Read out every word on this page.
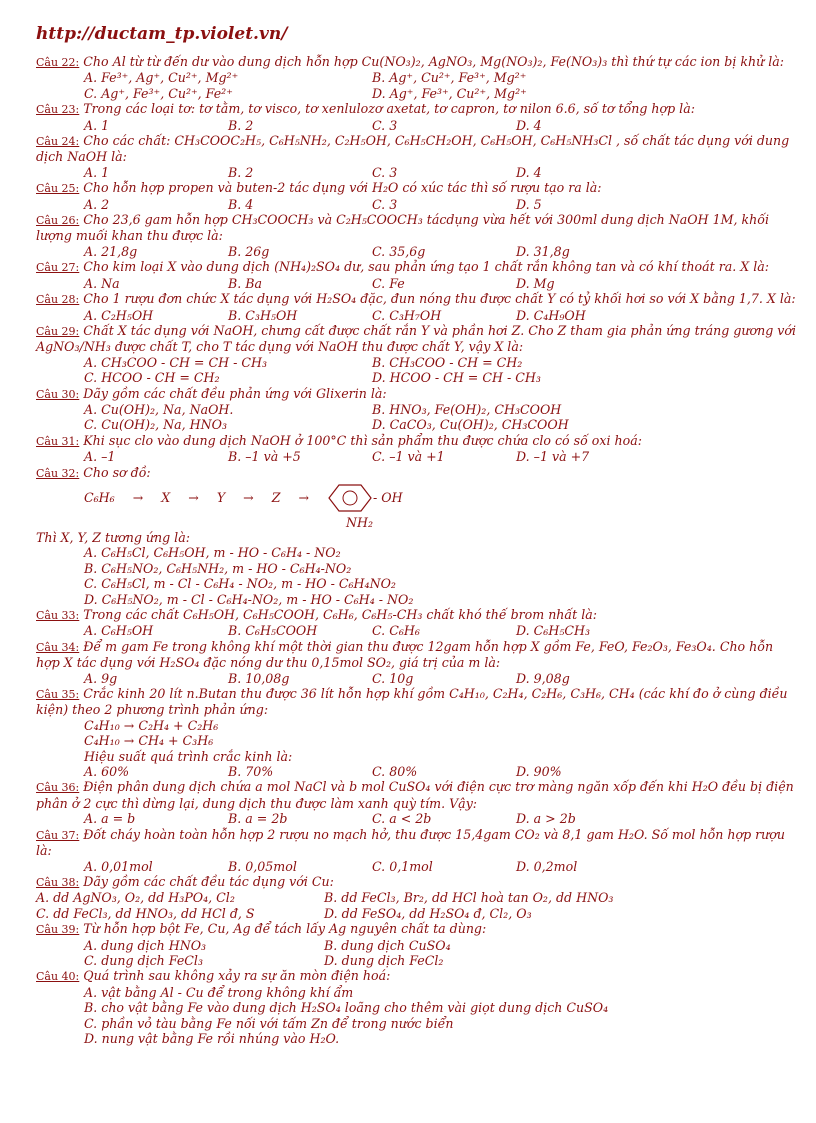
http://ductam_tp.violet.vn/
Câu 22: Cho Al từ từ đến dư vào dung dịch hỗn hợp Cu(NO₃)₂, AgNO₃, Mg(NO₃)₂, Fe(NO₃)₃ thì thứ tự các ion bị khử là:
A. Fe³⁺, Ag⁺, Cu²⁺, Mg²⁺	B. Ag⁺, Cu²⁺, Fe³⁺, Mg²⁺
C. Ag⁺, Fe³⁺, Cu²⁺, Fe²⁺	D. Ag⁺, Fe³⁺, Cu²⁺, Mg²⁺
Câu 23: Trong các loại tơ: tơ tằm, tơ visco, tơ xenlulozơ axetat, tơ capron, tơ nilon 6.6, số tơ tổng hợp là:
A. 1	B. 2	C. 3	D. 4
Câu 24: Cho các chất: CH₃COOC₂H₅, C₆H₅NH₂, C₂H₅OH, C₆H₅CH₂OH, C₆H₅OH, C₆H₅NH₃Cl , số chất tác dụng với dung dịch NaOH là:
A. 1	B. 2	C. 3	D. 4
Câu 25: Cho hỗn hợp propen và buten-2 tác dụng với H₂O có xúc tác thì số rượu tạo ra là:
A. 2	B. 4	C. 3	D. 5
Câu 26: Cho 23,6 gam hỗn hợp CH₃COOCH₃ và C₂H₅COOCH₃ tácdụng vừa hết với 300ml dung dịch NaOH 1M, khối lượng muối khan thu được là:
A. 21,8g	B. 26g	C. 35,6g	D. 31,8g
Câu 27: Cho kim loại X vào dung dịch (NH₄)₂SO₄ dư, sau phản ứng tạo 1 chất rắn không tan và có khí thoát ra. X là:
A. Na	B. Ba	C. Fe	D. Mg
Câu 28: Cho 1 rượu đơn chức X tác dụng với H₂SO₄ đặc, đun nóng thu được chất Y có tỷ khối hơi so với X bằng 1,7. X là:
A. C₂H₅OH	B. C₃H₅OH	C. C₃H₇OH	D. C₄H₉OH
Câu 29: Chất X tác dụng với NaOH, chưng cất được chất rắn Y và phần hơi Z. Cho Z tham gia phản ứng tráng gương với AgNO₃/NH₃ được chất T, cho T tác dụng với NaOH thu được chất Y, vậy X là:
A. CH₃COO - CH = CH - CH₃	B. CH₃COO - CH = CH₂
C. HCOO - CH = CH₂	D. HCOO - CH = CH - CH₃
Câu 30: Dãy gồm các chất đều phản ứng với Glixerin là:
A. Cu(OH)₂, Na, NaOH.	B. HNO₃, Fe(OH)₂, CH₃COOH
C. Cu(OH)₂, Na, HNO₃	D. CaCO₃, Cu(OH)₂, CH₃COOH
Câu 31: Khi sục clo vào dung dịch NaOH ở 100°C thì sản phẩm thu được chứa clo có số oxi hoá:
A. –1	B. –1 và +5	C. –1 và +1	D. –1 và +7
Câu 32: Cho sơ đồ:
C₆H₆ → X → Y → Z →	- OH
NH₂
Thì X, Y, Z tương ứng là:
A. C₆H₅Cl, C₆H₅OH, m - HO - C₆H₄ - NO₂
B. C₆H₅NO₂, C₆H₅NH₂, m - HO - C₆H₄-NO₂
C. C₆H₅Cl, m - Cl - C₆H₄ - NO₂, m - HO - C₆H₄NO₂
D. C₆H₅NO₂, m - Cl - C₆H₄-NO₂, m - HO - C₆H₄ - NO₂
Câu 33: Trong các chất C₆H₅OH, C₆H₅COOH, C₆H₆, C₆H₅-CH₃ chất khó thế brom nhất là:
A. C₆H₅OH	B. C₆H₅COOH	C. C₆H₆	D. C₆H₅CH₃
Câu 34: Để m gam Fe trong không khí một thời gian thu được 12gam hỗn hợp X gồm Fe, FeO, Fe₂O₃, Fe₃O₄. Cho hỗn hợp X tác dụng với H₂SO₄ đặc nóng dư thu 0,15mol SO₂, giá trị của m là:
A. 9g	B. 10,08g	C. 10g	D. 9,08g
Câu 35: Crắc kinh 20 lít n.Butan thu được 36 lít hỗn hợp khí gồm C₄H₁₀, C₂H₄, C₂H₆, C₃H₆, CH₄ (các khí đo ở cùng điều kiện) theo 2 phương trình phản ứng:
C₄H₁₀ → C₂H₄ + C₂H₆
C₄H₁₀ → CH₄ + C₃H₆
Hiệu suất quá trình crắc kinh là:
A. 60%	B. 70%	C. 80%	D. 90%
Câu 36: Điện phân dung dịch chứa a mol NaCl và b mol CuSO₄ với điện cực trơ màng ngăn xốp đến khi H₂O đều bị điện phân ở 2 cực thì dừng lại, dung dịch thu được làm xanh quỳ tím. Vậy:
A. a = b	B. a = 2b	C. a < 2b	D. a > 2b
Câu 37: Đốt cháy hoàn toàn hỗn hợp 2 rượu no mạch hở, thu được 15,4gam CO₂ và 8,1 gam H₂O. Số mol hỗn hợp rượu là:
A. 0,01mol	B. 0,05mol	C. 0,1mol	D. 0,2mol
Câu 38: Dãy gồm các chất đều tác dụng với Cu:
A. dd AgNO₃, O₂, dd H₃PO₄, Cl₂	B. dd FeCl₃, Br₂, dd HCl hoà tan O₂, dd HNO₃
C. dd FeCl₃, dd HNO₃, dd HCl đ, S	D. dd FeSO₄, dd H₂SO₄ đ, Cl₂, O₃
Câu 39: Từ hỗn hợp bột Fe, Cu, Ag để tách lấy Ag nguyên chất ta dùng:
A. dung dịch HNO₃	B. dung dịch CuSO₄
C. dung dịch FeCl₃	D. dung dịch FeCl₂
Câu 40: Quá trình sau không xảy ra sự ăn mòn điện hoá:
A. vật bằng Al - Cu để trong không khí ẩm
B. cho vật bằng Fe vào dung dịch H₂SO₄ loãng cho thêm vài giọt dung dịch CuSO₄
C. phần vỏ tàu bằng Fe nối với tấm Zn để trong nước biển
D. nung vật bằng Fe rồi nhúng vào H₂O.
